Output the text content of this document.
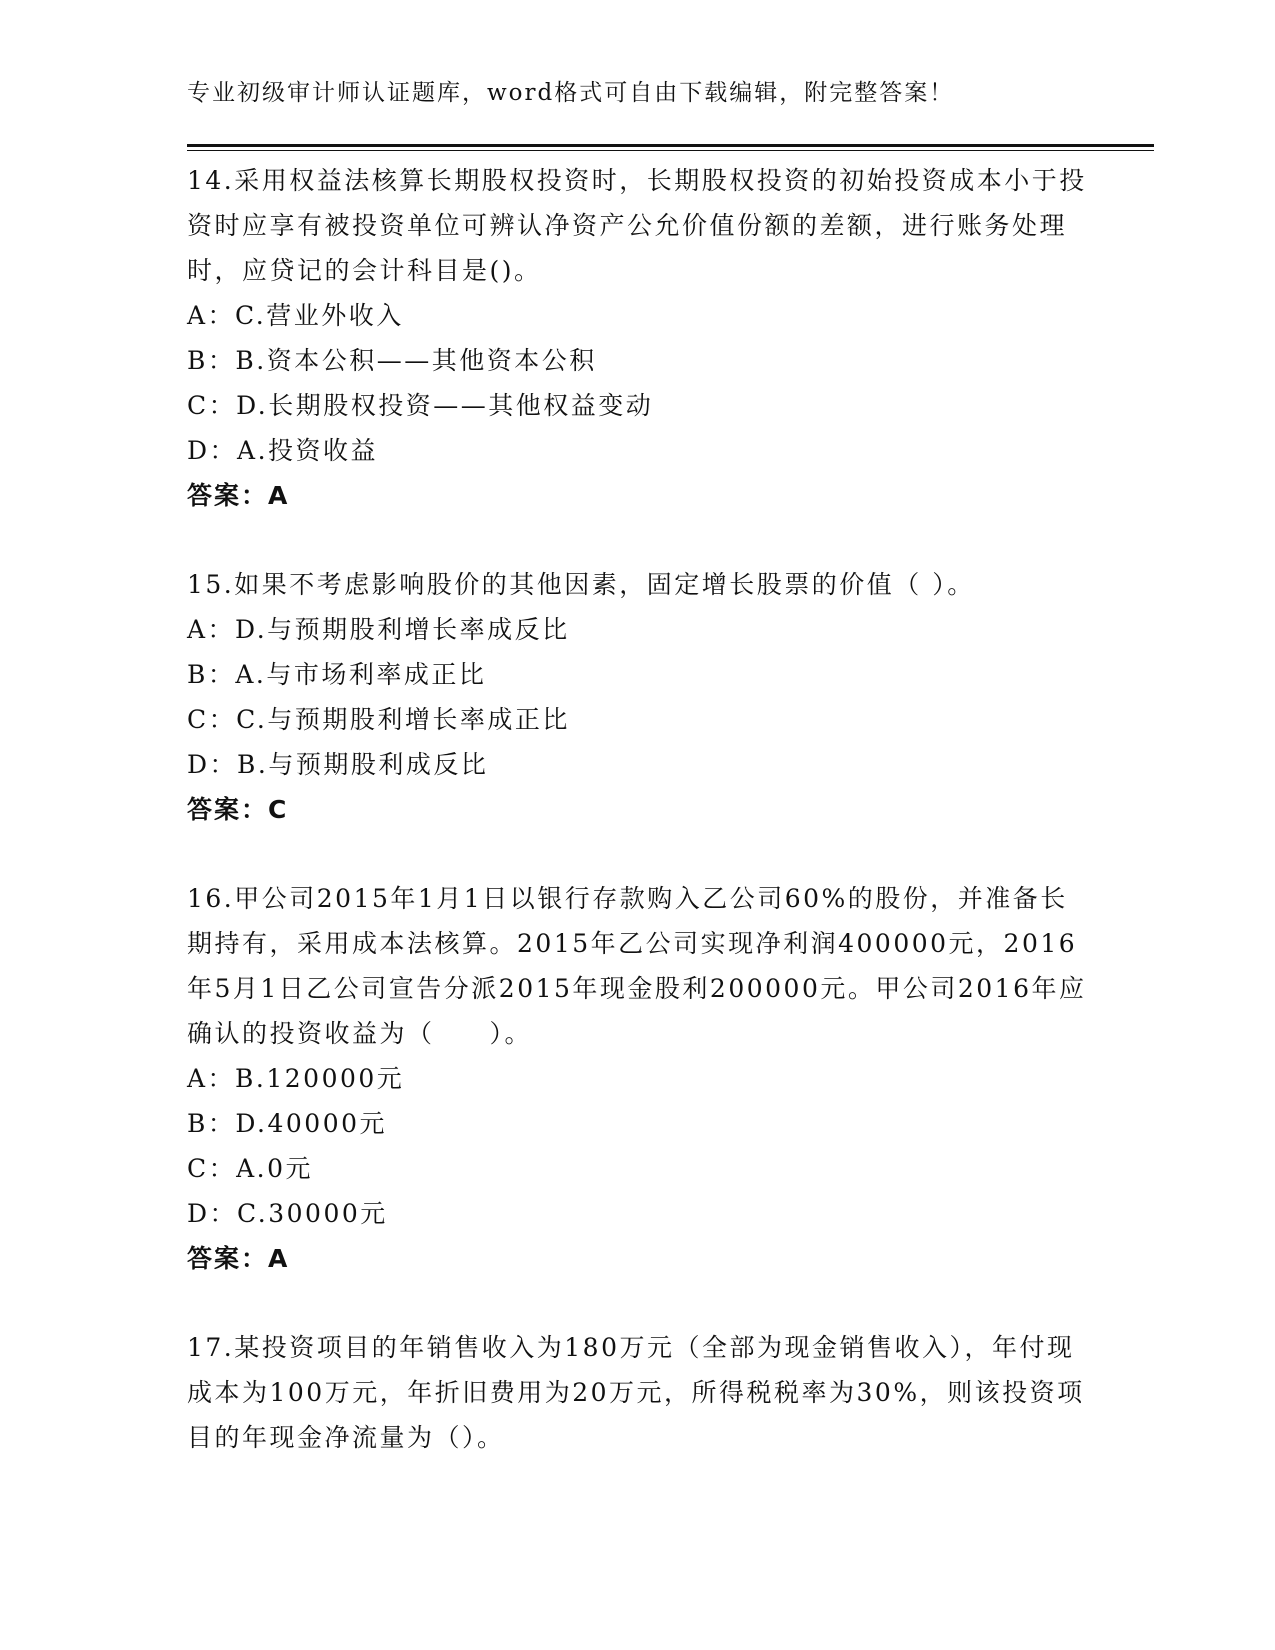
专业初级审计师认证题库，word格式可自由下载编辑，附完整答案！

14.采用权益法核算长期股权投资时，长期股权投资的初始投资成本小于投资时应享有被投资单位可辨认净资产公允价值份额的差额，进行账务处理时，应贷记的会计科目是()。

A：C.营业外收入

B：B.资本公积——其他资本公积

C：D.长期股权投资——其他权益变动

D：A.投资收益

答案：A

15.如果不考虑影响股价的其他因素，固定增长股票的价值（ ）。

A：D.与预期股利增长率成反比

B：A.与市场利率成正比

C：C.与预期股利增长率成正比

D：B.与预期股利成反比

答案：C

16.甲公司2015年1月1日以银行存款购入乙公司60%的股份，并准备长期持有，采用成本法核算。2015年乙公司实现净利润400000元，2016年5月1日乙公司宣告分派2015年现金股利200000元。甲公司2016年应确认的投资收益为（　　）。

A：B.120000元

B：D.40000元

C：A.0元

D：C.30000元

答案：A

17.某投资项目的年销售收入为180万元（全部为现金销售收入），年付现成本为100万元，年折旧费用为20万元，所得税税率为30%，则该投资项目的年现金净流量为（）。
